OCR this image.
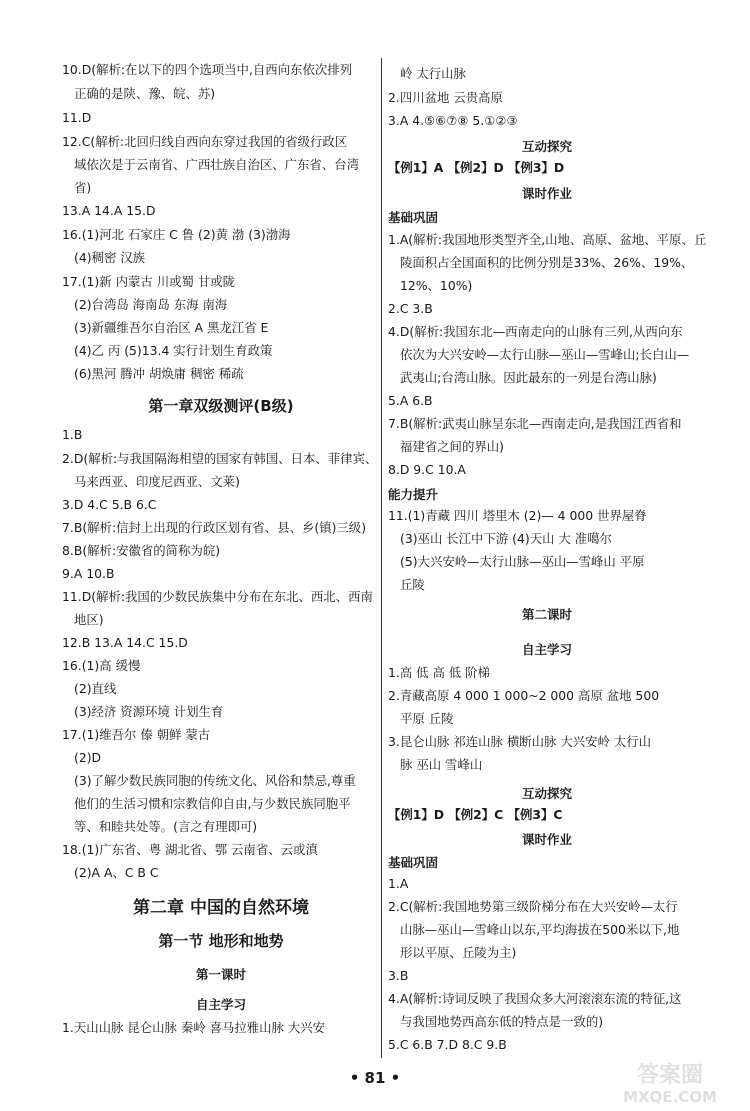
10.D(解析:在以下的四个选项当中,自西向东依次排列
正确的是陕、豫、皖、苏)
11.D
12.C(解析:北回归线自西向东穿过我国的省级行政区
域依次是于云南省、广西壮族自治区、广东省、台湾
省)
13.A 14.A 15.D
16.(1)河北 石家庄 C 鲁 (2)黄 渤 (3)渤海
(4)稠密 汉族
17.(1)新 内蒙古 川或蜀 甘或陇
(2)台湾岛 海南岛 东海 南海
(3)新疆维吾尔自治区 A 黑龙江省 E
(4)乙 丙 (5)13.4 实行计划生育政策
(6)黑河 腾冲 胡焕庸 稠密 稀疏
第一章双级测评(B级)
1.B
2.D(解析:与我国隔海相望的国家有韩国、日本、菲律宾、
马来西亚、印度尼西亚、文莱)
3.D 4.C 5.B 6.C
7.B(解析:信封上出现的行政区划有省、县、乡(镇)三级)
8.B(解析:安徽省的简称为皖)
9.A 10.B
11.D(解析:我国的少数民族集中分布在东北、西北、西南
地区)
12.B 13.A 14.C 15.D
16.(1)高 缓慢
(2)直线
(3)经济 资源环境 计划生育
17.(1)维吾尔 傣 朝鲜 蒙古
(2)D
(3)了解少数民族同胞的传统文化、风俗和禁忌,尊重
他们的生活习惯和宗教信仰自由,与少数民族同胞平
等、和睦共处等。(言之有理即可)
18.(1)广东省、粤 湖北省、鄂 云南省、云或滇
(2)A A、C B C
第二章 中国的自然环境
第一节 地形和地势
第一课时
自主学习
1.天山山脉 昆仑山脉 秦岭 喜马拉雅山脉 大兴安
岭 太行山脉
2.四川盆地 云贵高原
3.A 4.⑤⑥⑦⑧ 5.①②③
互动探究
【例1】A 【例2】D 【例3】D
课时作业
基础巩固
1.A(解析:我国地形类型齐全,山地、高原、盆地、平原、丘
陵面积占全国面积的比例分别是33%、26%、19%、
12%、10%)
2.C 3.B
4.D(解析:我国东北—西南走向的山脉有三列,从西向东
依次为大兴安岭—太行山脉—巫山—雪峰山;长白山—
武夷山;台湾山脉。因此最东的一列是台湾山脉)
5.A 6.B
7.B(解析:武夷山脉呈东北—西南走向,是我国江西省和
福建省之间的界山)
8.D 9.C 10.A
能力提升
11.(1)青藏 四川 塔里木 (2)— 4 000 世界屋脊
(3)巫山 长江中下游 (4)天山 大 准噶尔
(5)大兴安岭—太行山脉—巫山—雪峰山 平原
丘陵
第二课时
自主学习
1.高 低 高 低 阶梯
2.青藏高原 4 000 1 000~2 000 高原 盆地 500
平原 丘陵
3.昆仑山脉 祁连山脉 横断山脉 大兴安岭 太行山
脉 巫山 雪峰山
互动探究
【例1】D 【例2】C 【例3】C
课时作业
基础巩固
1.A
2.C(解析:我国地势第三级阶梯分布在大兴安岭—太行
山脉—巫山—雪峰山以东,平均海拔在500米以下,地
形以平原、丘陵为主)
3.B
4.A(解析:诗词反映了我国众多大河滚滚东流的特征,这
与我国地势西高东低的特点是一致的)
5.C 6.B 7.D 8.C 9.B
• 81 •	答案圈
MXQE.COM
